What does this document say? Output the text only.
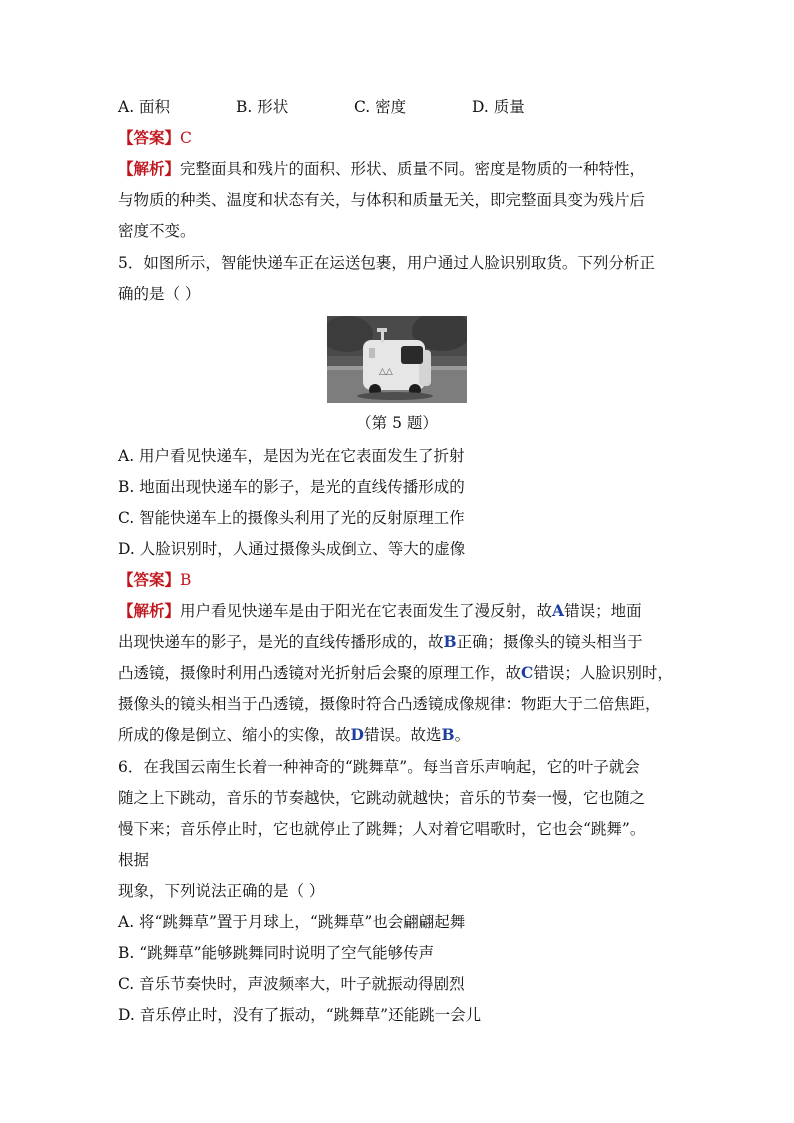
A. 面积	B. 形状	C. 密度	D. 质量
【答案】C
【解析】完整面具和残片的面积、形状、质量不同。密度是物质的一种特性，
与物质的种类、温度和状态有关，与体积和质量无关，即完整面具变为残片后
密度不变。
5．如图所示，智能快递车正在运送包裹，用户通过人脸识别取货。下列分析正
确的是（ ）
△△
（第 5 题）
A. 用户看见快递车，是因为光在它表面发生了折射
B. 地面出现快递车的影子，是光的直线传播形成的
C. 智能快递车上的摄像头利用了光的反射原理工作
D. 人脸识别时，人通过摄像头成倒立、等大的虚像
【答案】B
【解析】用户看见快递车是由于阳光在它表面发生了漫反射，故A错误；地面
出现快递车的影子，是光的直线传播形成的，故B正确；摄像头的镜头相当于
凸透镜，摄像时利用凸透镜对光折射后会聚的原理工作，故C错误；人脸识别时，
摄像头的镜头相当于凸透镜，摄像时符合凸透镜成像规律：物距大于二倍焦距，
所成的像是倒立、缩小的实像，故D错误。故选B。
6．在我国云南生长着一种神奇的“跳舞草”。每当音乐声响起，它的叶子就会
随之上下跳动，音乐的节奏越快，它跳动就越快；音乐的节奏一慢，它也随之
慢下来；音乐停止时，它也就停止了跳舞；人对着它唱歌时，它也会“跳舞”。
根据
现象，下列说法正确的是（ ）
A. 将“跳舞草”置于月球上，“跳舞草”也会翩翩起舞
B. “跳舞草”能够跳舞同时说明了空气能够传声
C. 音乐节奏快时，声波频率大，叶子就振动得剧烈
D. 音乐停止时，没有了振动，“跳舞草”还能跳一会儿
